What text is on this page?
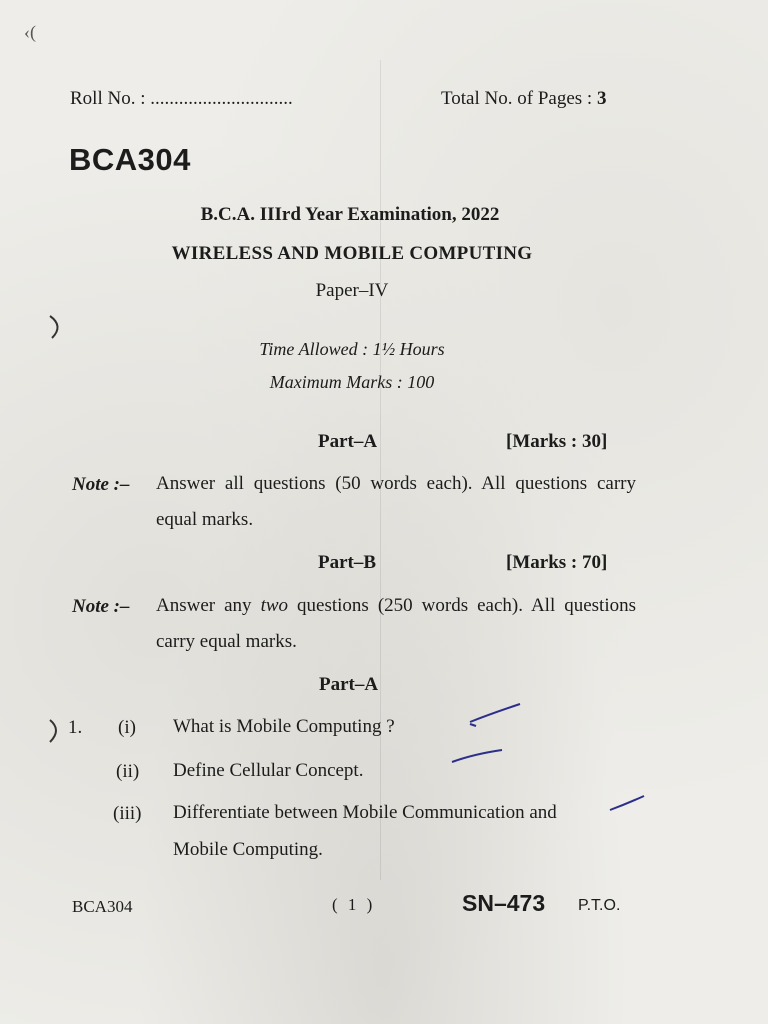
‹(
Roll No. : ..............................	Total No. of Pages : 3
BCA304
B.C.A. IIIrd Year Examination, 2022
WIRELESS AND MOBILE COMPUTING
Paper–IV
Time Allowed : 1½ Hours
Maximum Marks : 100
Part–A	[Marks : 30]
Note :– Answer all questions (50 words each). All questions carry equal marks.
Part–B	[Marks : 70]
Note :– Answer any two questions (250 words each). All questions carry equal marks.
Part–A
1. (i) What is Mobile Computing ?
(ii) Define Cellular Concept.
(iii) Differentiate between Mobile Communication and Mobile Computing.
BCA304	( 1 )	SN–473 P.T.O.
